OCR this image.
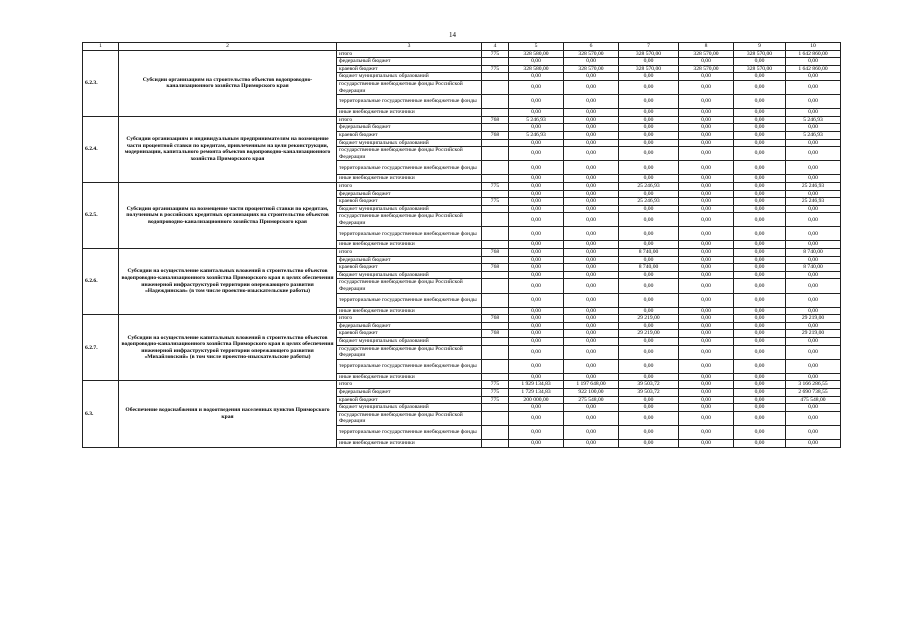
14
1	2	3	4	5	6	7	8	9	10
6.2.3.	Субсидии организациям на строительство объектов водопроводно-канализационного хозяйства Приморского края	итого	775	328 580,00	328 570,00	328 570,00	328 570,00	328 570,00	1 642 860,00
		федеральный бюджет		0,00	0,00	0,00	0,00	0,00	0,00
		краевой бюджет	775	328 580,00	328 570,00	328 570,00	328 570,00	328 570,00	1 642 860,00
		бюджет муниципальных образований		0,00	0,00	0,00	0,00	0,00	0,00
		государственные внебюджетные фонды Российской Федерации		0,00	0,00	0,00	0,00	0,00	0,00
		территориальные государственные внебюджетные фонды		0,00	0,00	0,00	0,00	0,00	0,00
		иные внебюджетные источники		0,00	0,00	0,00	0,00	0,00	0,00
6.2.4.	Субсидии организациям и индивидуальным предпринимателям на возмещение части процентной ставки по кредитам, привлеченным на цели реконструкции, модернизации, капитального ремонта объектов водопроводно-канализационного хозяйства Приморского края	итого	768	5 246,93	0,00	0,00	0,00	0,00	5 246,93
		федеральный бюджет		0,00	0,00	0,00	0,00	0,00	0,00
		краевой бюджет	768	5 246,93	0,00	0,00	0,00	0,00	5 246,93
		бюджет муниципальных образований		0,00	0,00	0,00	0,00	0,00	0,00
		государственные внебюджетные фонды Российской Федерации		0,00	0,00	0,00	0,00	0,00	0,00
		территориальные государственные внебюджетные фонды		0,00	0,00	0,00	0,00	0,00	0,00
		иные внебюджетные источники		0,00	0,00	0,00	0,00	0,00	0,00
6.2.5.	Субсидии организациям на возмещение части процентной ставки по кредитам, полученным в российских кредитных организациях на строительство объектов водопроводно-канализационного хозяйства Приморского края	итого	775	0,00	0,00	25 246,93	0,00	0,00	25 246,93
		федеральный бюджет		0,00	0,00	0,00	0,00	0,00	0,00
		краевой бюджет	775	0,00	0,00	25 246,93	0,00	0,00	25 246,93
		бюджет муниципальных образований		0,00	0,00	0,00	0,00	0,00	0,00
		государственные внебюджетные фонды Российской Федерации		0,00	0,00	0,00	0,00	0,00	0,00
		территориальные государственные внебюджетные фонды		0,00	0,00	0,00	0,00	0,00	0,00
		иные внебюджетные источники		0,00	0,00	0,00	0,00	0,00	0,00
6.2.6.	Субсидии на осуществление капитальных вложений в строительство объектов водопроводно-канализационного хозяйства Приморского края в целях обеспечения инженерной инфраструктурой территории опережающего развития «Надеждинская» (в том числе проектно-изыскательские работы)	итого	768	0,00	0,00	8 740,00	0,00	0,00	8 740,00
		федеральный бюджет		0,00	0,00	0,00	0,00	0,00	0,00
		краевой бюджет	768	0,00	0,00	8 740,00	0,00	0,00	8 740,00
		бюджет муниципальных образований		0,00	0,00	0,00	0,00	0,00	0,00
		государственные внебюджетные фонды Российской Федерации		0,00	0,00	0,00	0,00	0,00	0,00
		территориальные государственные внебюджетные фонды		0,00	0,00	0,00	0,00	0,00	0,00
		иные внебюджетные источники		0,00	0,00	0,00	0,00	0,00	0,00
6.2.7.	Субсидии на осуществление капитальных вложений в строительство объектов водопроводно-канализационного хозяйства Приморского края в целях обеспечения инженерной инфраструктурой территории опережающего развития «Михайловский» (в том числе проектно-изыскательские работы)	итого	768	0,00	0,00	29 219,00	0,00	0,00	29 219,00
		федеральный бюджет		0,00	0,00	0,00	0,00	0,00	0,00
		краевой бюджет	768	0,00	0,00	29 219,00	0,00	0,00	29 219,00
		бюджет муниципальных образований		0,00	0,00	0,00	0,00	0,00	0,00
		государственные внебюджетные фонды Российской Федерации		0,00	0,00	0,00	0,00	0,00	0,00
		территориальные государственные внебюджетные фонды		0,00	0,00	0,00	0,00	0,00	0,00
		иные внебюджетные источники		0,00	0,00	0,00	0,00	0,00	0,00
6.3.	Обеспечение водоснабжения и водоотведения населенных пунктов Приморского края	итого	775	1 929 134,83	1 197 648,00	39 503,72	0,00	0,00	3 166 286,55
		федеральный бюджет	775	1 729 134,83	922 100,00	39 503,72	0,00	0,00	2 690 738,55
		краевой бюджет	775	200 000,00	275 548,00	0,00	0,00	0,00	475 548,00
		бюджет муниципальных образований		0,00	0,00	0,00	0,00	0,00	0,00
		государственные внебюджетные фонды Российской Федерации		0,00	0,00	0,00	0,00	0,00	0,00
		территориальные государственные внебюджетные фонды		0,00	0,00	0,00	0,00	0,00	0,00
		иные внебюджетные источники		0,00	0,00	0,00	0,00	0,00	0,00
